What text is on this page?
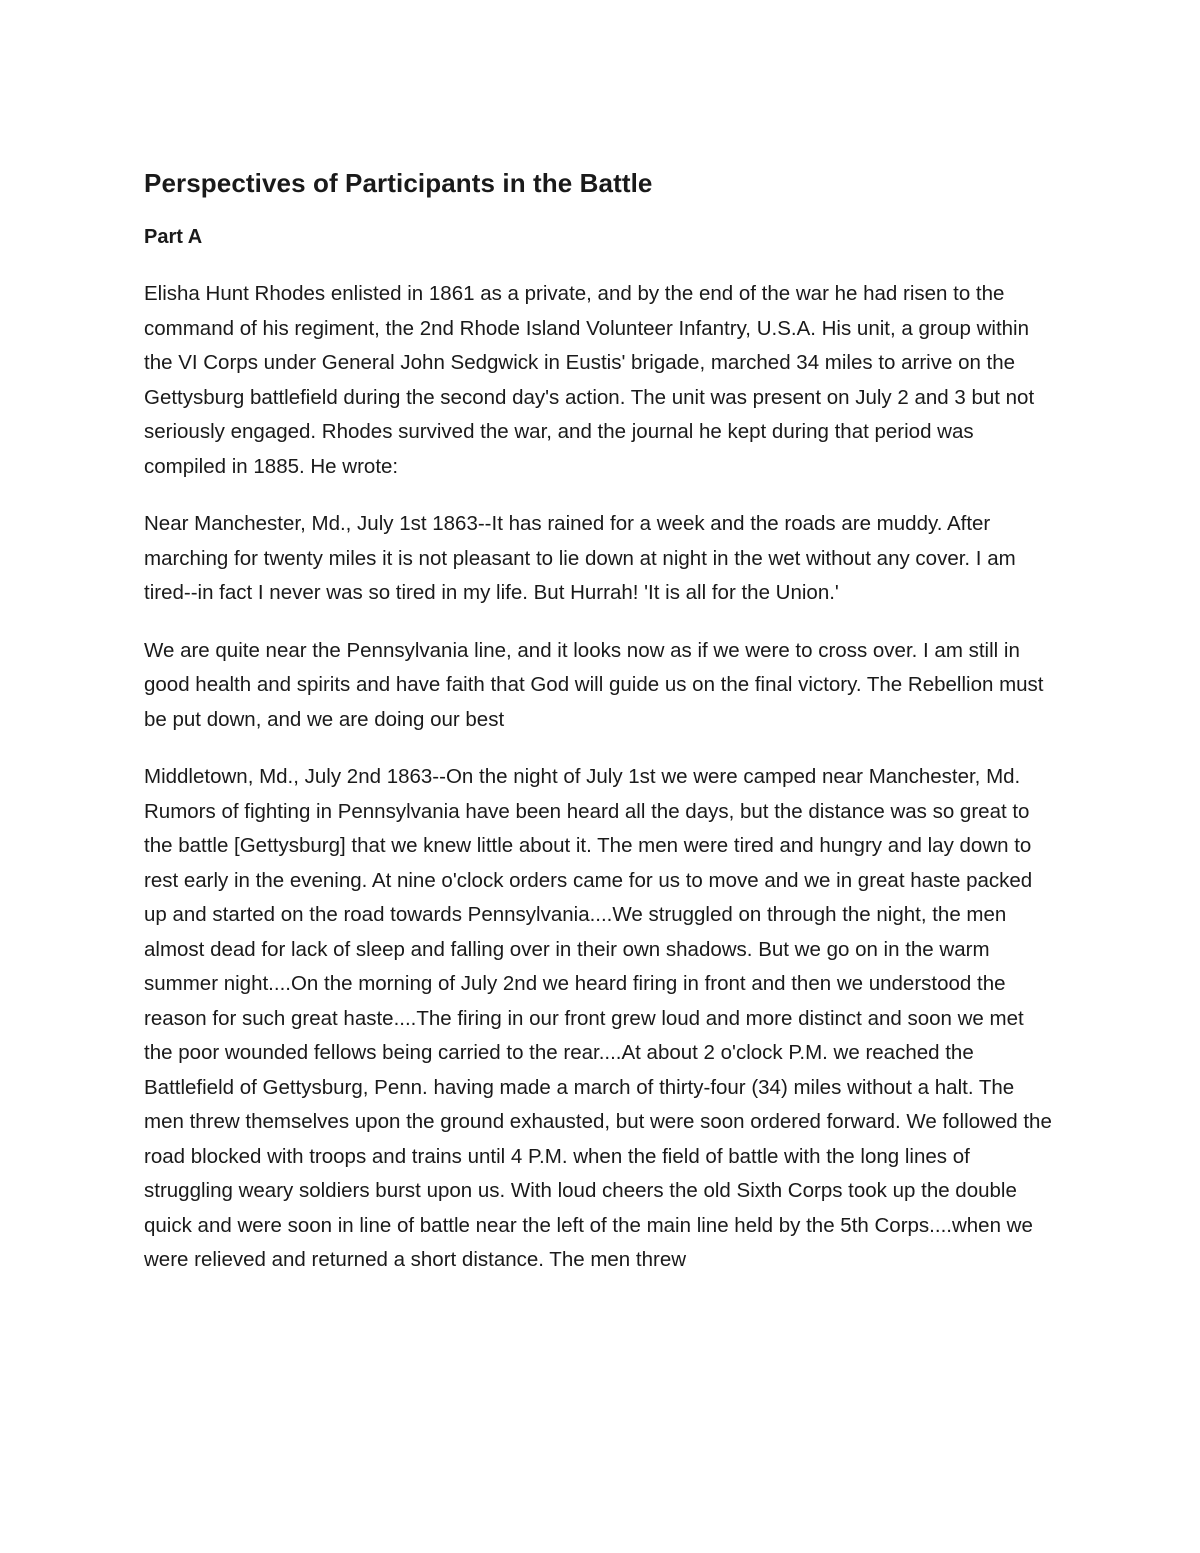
Perspectives of Participants in the Battle
Part A

Elisha Hunt Rhodes enlisted in 1861 as a private, and by the end of the war he had risen to the command of his regiment, the 2nd Rhode Island Volunteer Infantry, U.S.A. His unit, a group within the VI Corps under General John Sedgwick in Eustis' brigade, marched 34 miles to arrive on the Gettysburg battlefield during the second day's action. The unit was present on July 2 and 3 but not seriously engaged. Rhodes survived the war, and the journal he kept during that period was compiled in 1885. He wrote:

Near Manchester, Md., July 1st 1863--It has rained for a week and the roads are muddy. After marching for twenty miles it is not pleasant to lie down at night in the wet without any cover. I am tired--in fact I never was so tired in my life. But Hurrah! 'It is all for the Union.'

We are quite near the Pennsylvania line, and it looks now as if we were to cross over. I am still in good health and spirits and have faith that God will guide us on the final victory. The Rebellion must be put down, and we are doing our best

Middletown, Md., July 2nd 1863--On the night of July 1st we were camped near Manchester, Md. Rumors of fighting in Pennsylvania have been heard all the days, but the distance was so great to the battle [Gettysburg] that we knew little about it. The men were tired and hungry and lay down to rest early in the evening. At nine o'clock orders came for us to move and we in great haste packed up and started on the road towards Pennsylvania....We struggled on through the night, the men almost dead for lack of sleep and falling over in their own shadows. But we go on in the warm summer night....On the morning of July 2nd we heard firing in front and then we understood the reason for such great haste....The firing in our front grew loud and more distinct and soon we met the poor wounded fellows being carried to the rear....At about 2 o'clock P.M. we reached the Battlefield of Gettysburg, Penn. having made a march of thirty-four (34) miles without a halt. The men threw themselves upon the ground exhausted, but were soon ordered forward. We followed the road blocked with troops and trains until 4 P.M. when the field of battle with the long lines of struggling weary soldiers burst upon us. With loud cheers the old Sixth Corps took up the double quick and were soon in line of battle near the left of the main line held by the 5th Corps....when we were relieved and returned a short distance. The men threw
